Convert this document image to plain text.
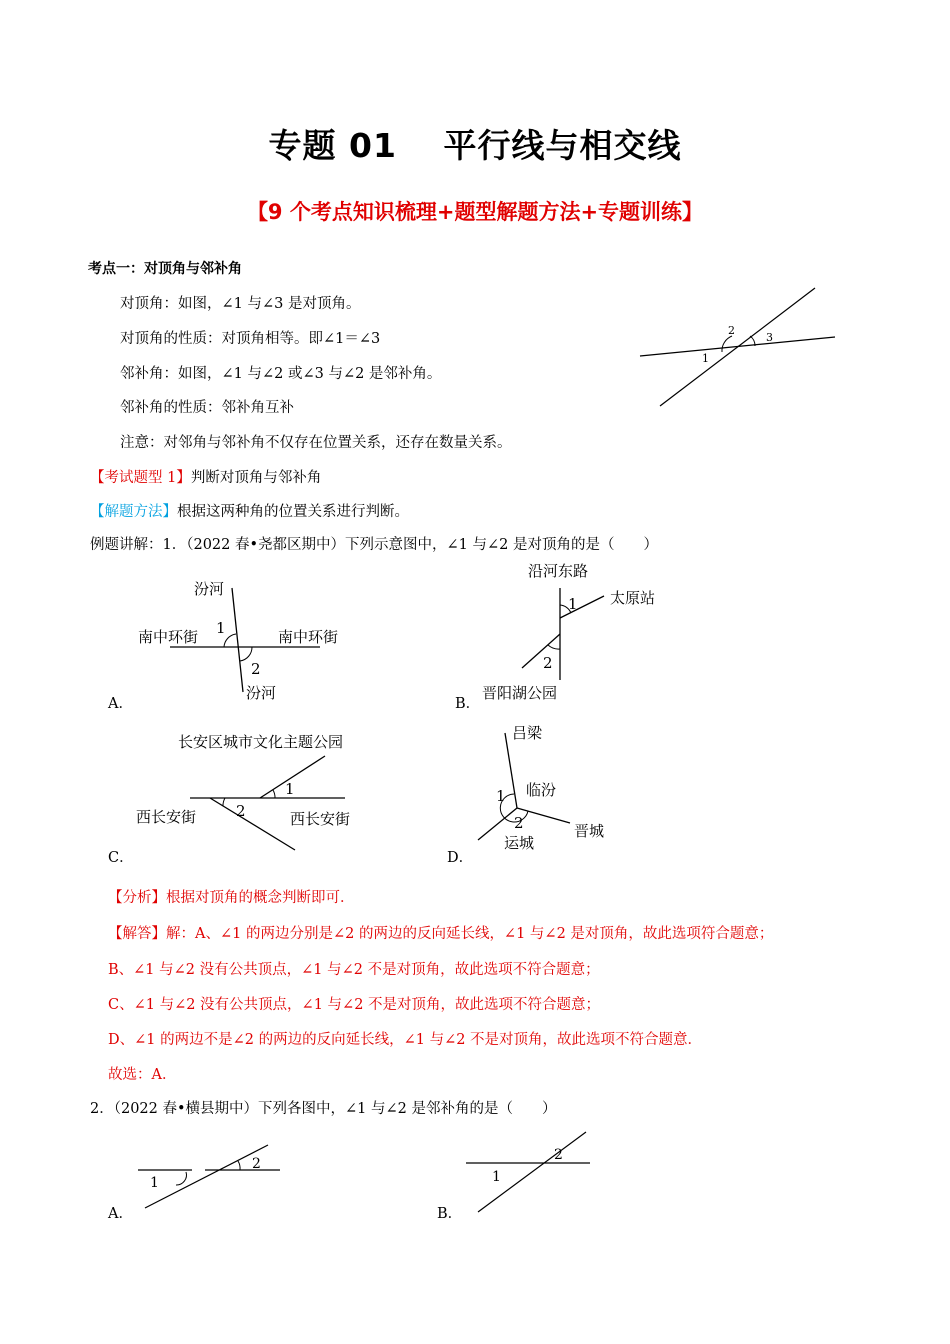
专题 01　 平行线与相交线
【9 个考点知识梳理+题型解题方法+专题训练】
考点一：对顶角与邻补角
对顶角：如图，∠1 与∠3 是对顶角。
对顶角的性质：对顶角相等。即∠1＝∠3
邻补角：如图，∠1 与∠2 或∠3 与∠2 是邻补角。
邻补角的性质：邻补角互补
注意：对邻角与邻补角不仅存在位置关系，还存在数量关系。
1
2
3
【考试题型 1】判断对顶角与邻补角
【解题方法】根据这两种角的位置关系进行判断。
例题讲解：1．（2022 春•尧都区期中）下列示意图中，∠1 与∠2 是对顶角的是（　　）
汾河
汾河
南中环街	南中环街
1
2
A．
沿河东路
太原站
晋阳湖公园
1
2
B．
长安区城市文化主题公园
西长安街	西长安街
1
2
C．
吕梁
临汾
运城
晋城
1
2
D．
【分析】根据对顶角的概念判断即可．
【解答】解：A、∠1 的两边分别是∠2 的两边的反向延长线，∠1 与∠2 是对顶角，故此选项符合题意；
B、∠1 与∠2 没有公共顶点，∠1 与∠2 不是对顶角，故此选项不符合题意；
C、∠1 与∠2 没有公共顶点，∠1 与∠2 不是对顶角，故此选项不符合题意；
D、∠1 的两边不是∠2 的两边的反向延长线，∠1 与∠2 不是对顶角，故此选项不符合题意．
故选：A．
2．（2022 春•横县期中）下列各图中，∠1 与∠2 是邻补角的是（　　）
1
2
A．
2
1
B．
